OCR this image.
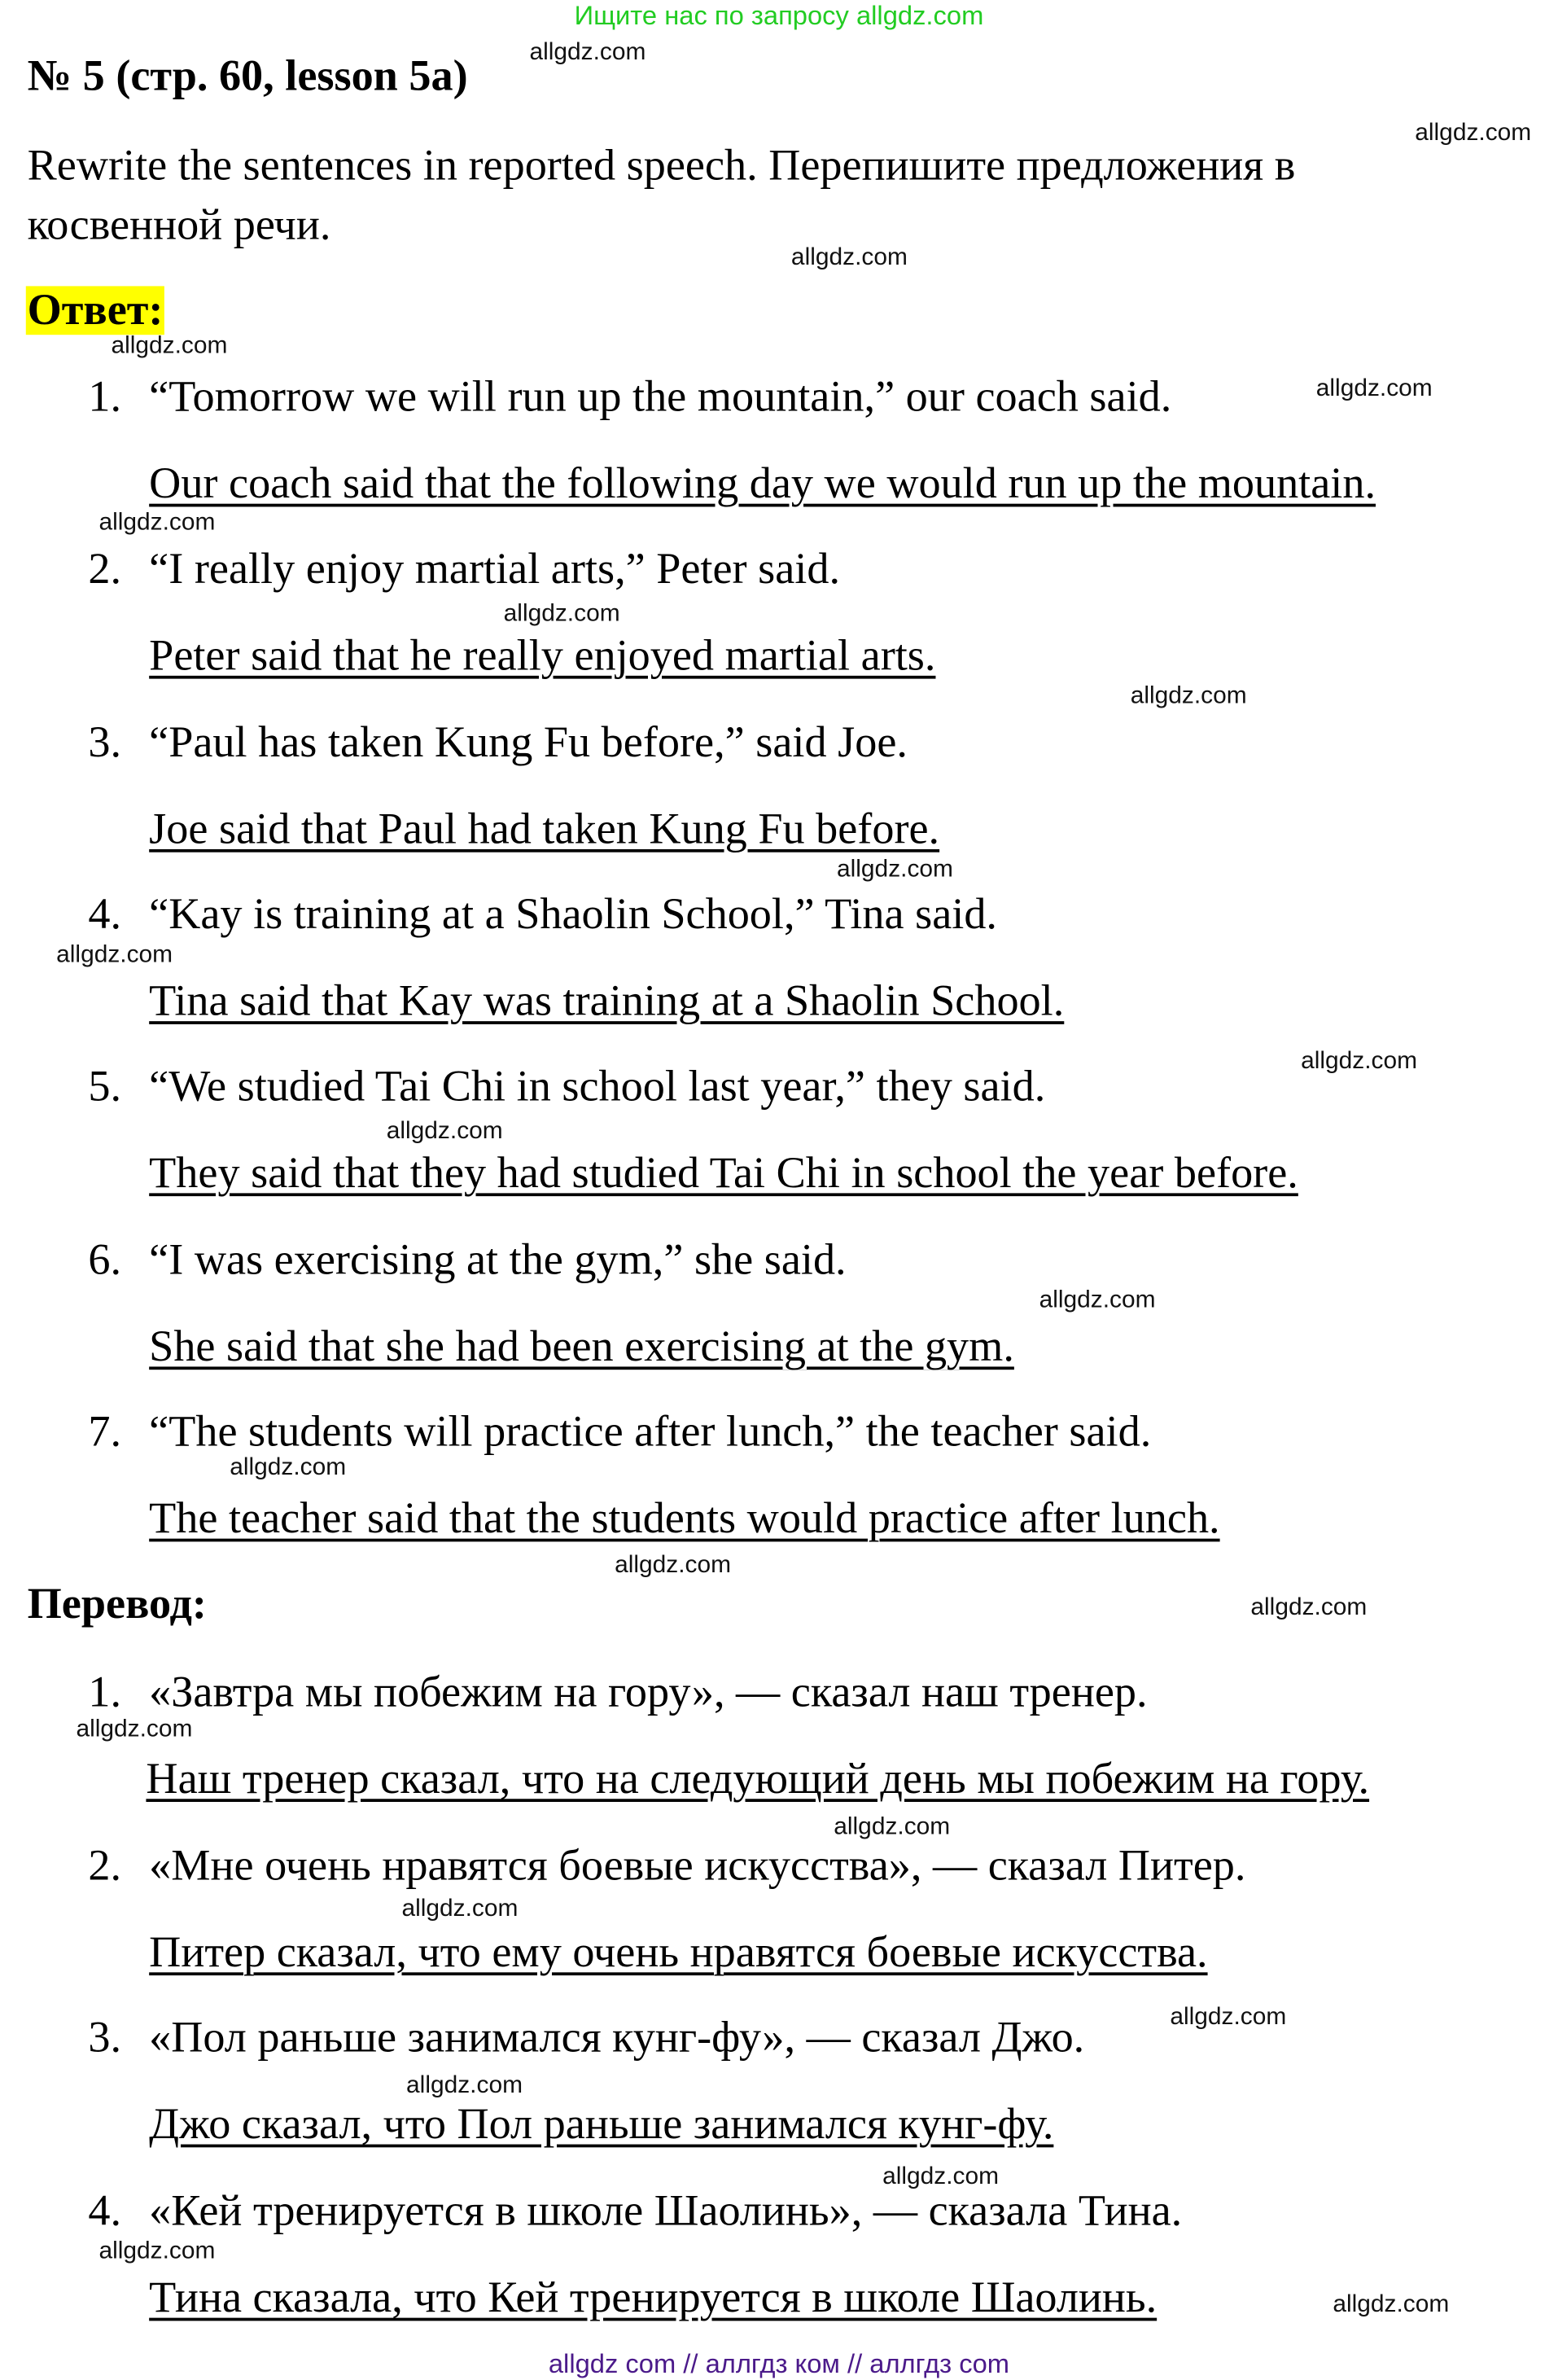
Ищите нас по запросу allgdz.com
№ 5 (стр. 60, lesson 5a)
Rewrite the sentences in reported speech. Перепишите предложения в
косвенной речи.
Ответ:
1. “Tomorrow we will run up the mountain,” our coach said.
Our coach said that the following day we would run up the mountain.
2. “I really enjoy martial arts,” Peter said.
Peter said that he really enjoyed martial arts.
3. “Paul has taken Kung Fu before,” said Joe.
Joe said that Paul had taken Kung Fu before.
4. “Kay is training at a Shaolin School,” Tina said.
Tina said that Kay was training at a Shaolin School.
5. “We studied Tai Chi in school last year,” they said.
They said that they had studied Tai Chi in school the year before.
6. “I was exercising at the gym,” she said.
She said that she had been exercising at the gym.
7. “The students will practice after lunch,” the teacher said.
The teacher said that the students would practice after lunch.
Перевод:
1. «Завтра мы побежим на гору», — сказал наш тренер.
Наш тренер сказал, что на следующий день мы побежим на гору.
2. «Мне очень нравятся боевые искусства», — сказал Питер.
Питер сказал, что ему очень нравятся боевые искусства.
3. «Пол раньше занимался кунг-фу», — сказал Джо.
Джо сказал, что Пол раньше занимался кунг-фу.
4. «Кей тренируется в школе Шаолинь», — сказала Тина.
Тина сказала, что Кей тренируется в школе Шаолинь.
allgdz.com
allgdz.com
allgdz.com
allgdz.com
allgdz.com
allgdz.com
allgdz.com
allgdz.com
allgdz.com
allgdz.com
allgdz.com
allgdz.com
allgdz.com
allgdz.com
allgdz.com
allgdz.com
allgdz.com
allgdz.com
allgdz.com
allgdz.com
allgdz.com
allgdz.com
allgdz.com
allgdz.com
allgdz com // аллгдз ком // аллгдз com
